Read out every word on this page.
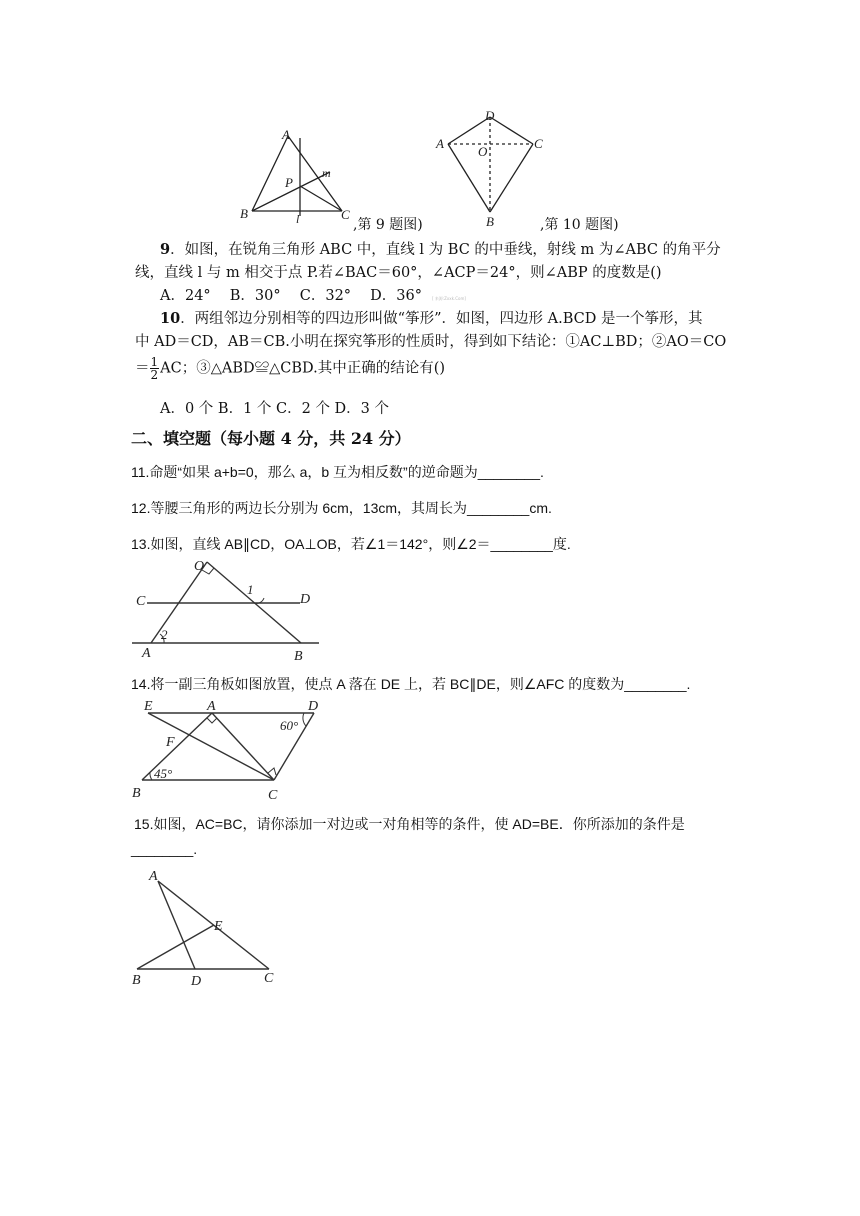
A
B	C
P
m
l	,第 9 题图)
D
A	C
O
B	,第 10 题图)
9．如图，在锐角三角形 ABC 中，直线 l 为 BC 的中垂线，射线 m 为∠ABC 的角平分
线，直线 l 与 m 相交于点 P.若∠BAC＝60°，∠ACP＝24°，则∠ABP 的度数是()
A．24°　 B．30°　 C．32°　 D．36°	[ 来源:Zxxk.Com]
10．两组邻边分别相等的四边形叫做“筝形”．如图，四边形 A.BCD 是一个筝形，其
中 AD＝CD，AB＝CB.小明在探究筝形的性质时，得到如下结论：①AC⊥BD；②AO＝CO
＝ $\frac{1}{2}$ AC；③△ABD≌△CBD.其中正确的结论有()
A．0 个 B．1 个 C．2 个 D．3 个
二、填空题（每小题 4 分，共 24 分）
11.命题“如果 a+b=0，那么 a，b 互为相反数”的逆命题为________.
12.等腰三角形的两边长分别为 6cm，13cm，其周长为________cm.
13.如图，直线 AB∥CD，OA⊥OB，若∠1＝142°，则∠2＝________度.
O
C	D
A	B
1
2
14.将一副三角板如图放置，使点 A 落在 DE 上，若 BC∥DE，则∠AFC 的度数为________.
E	A	D
F
B	C
60°
45°
15.如图，AC=BC，请你添加一对边或一对角相等的条件，使 AD=BE．你所添加的条件是
________.
A
E
B	D	C
